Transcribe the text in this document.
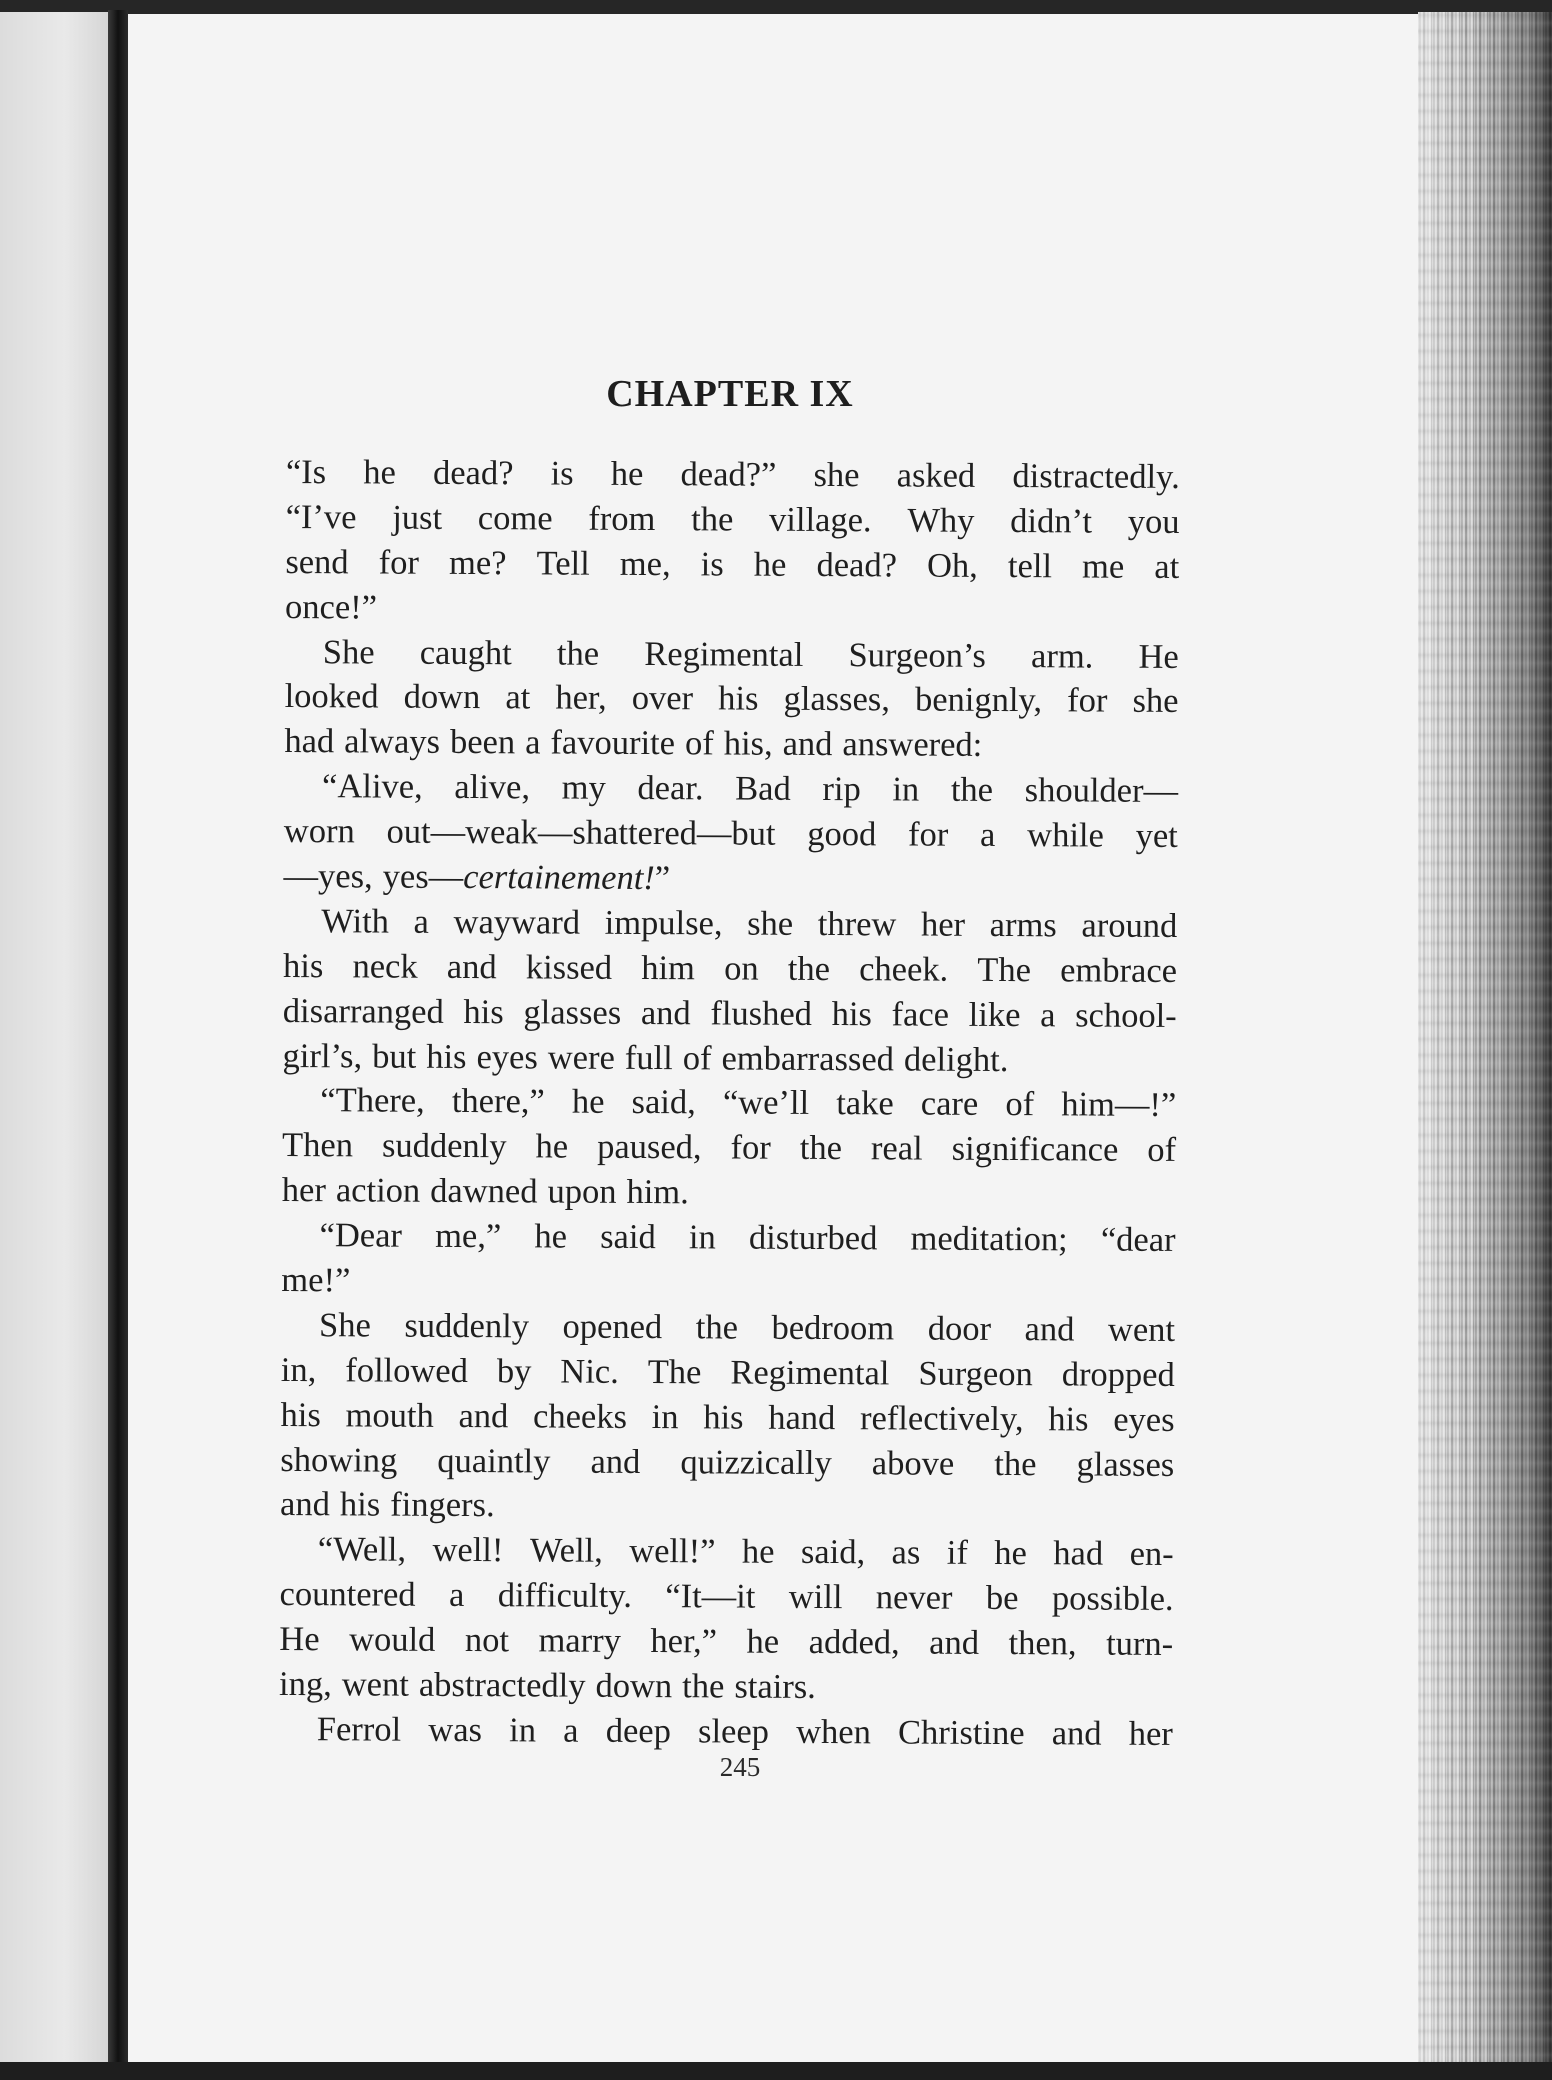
CHAPTER IX
“Is he dead? is he dead?” she asked distractedly.
“I’ve just come from the village. Why didn’t you
send for me? Tell me, is he dead? Oh, tell me at
once!”
She caught the Regimental Surgeon’s arm. He
looked down at her, over his glasses, benignly, for she
had always been a favourite of his, and answered:
“Alive, alive, my dear. Bad rip in the shoulder—
worn out—weak—shattered—but good for a while yet
—yes, yes—certainement!”
With a wayward impulse, she threw her arms around
his neck and kissed him on the cheek. The embrace
disarranged his glasses and flushed his face like a school-
girl’s, but his eyes were full of embarrassed delight.
“There, there,” he said, “we’ll take care of him—!”
Then suddenly he paused, for the real significance of
her action dawned upon him.
“Dear me,” he said in disturbed meditation; “dear
me!”
She suddenly opened the bedroom door and went
in, followed by Nic. The Regimental Surgeon dropped
his mouth and cheeks in his hand reflectively, his eyes
showing quaintly and quizzically above the glasses
and his fingers.
“Well, well! Well, well!” he said, as if he had en-
countered a difficulty. “It—it will never be possible.
He would not marry her,” he added, and then, turn-
ing, went abstractedly down the stairs.
Ferrol was in a deep sleep when Christine and her
245
